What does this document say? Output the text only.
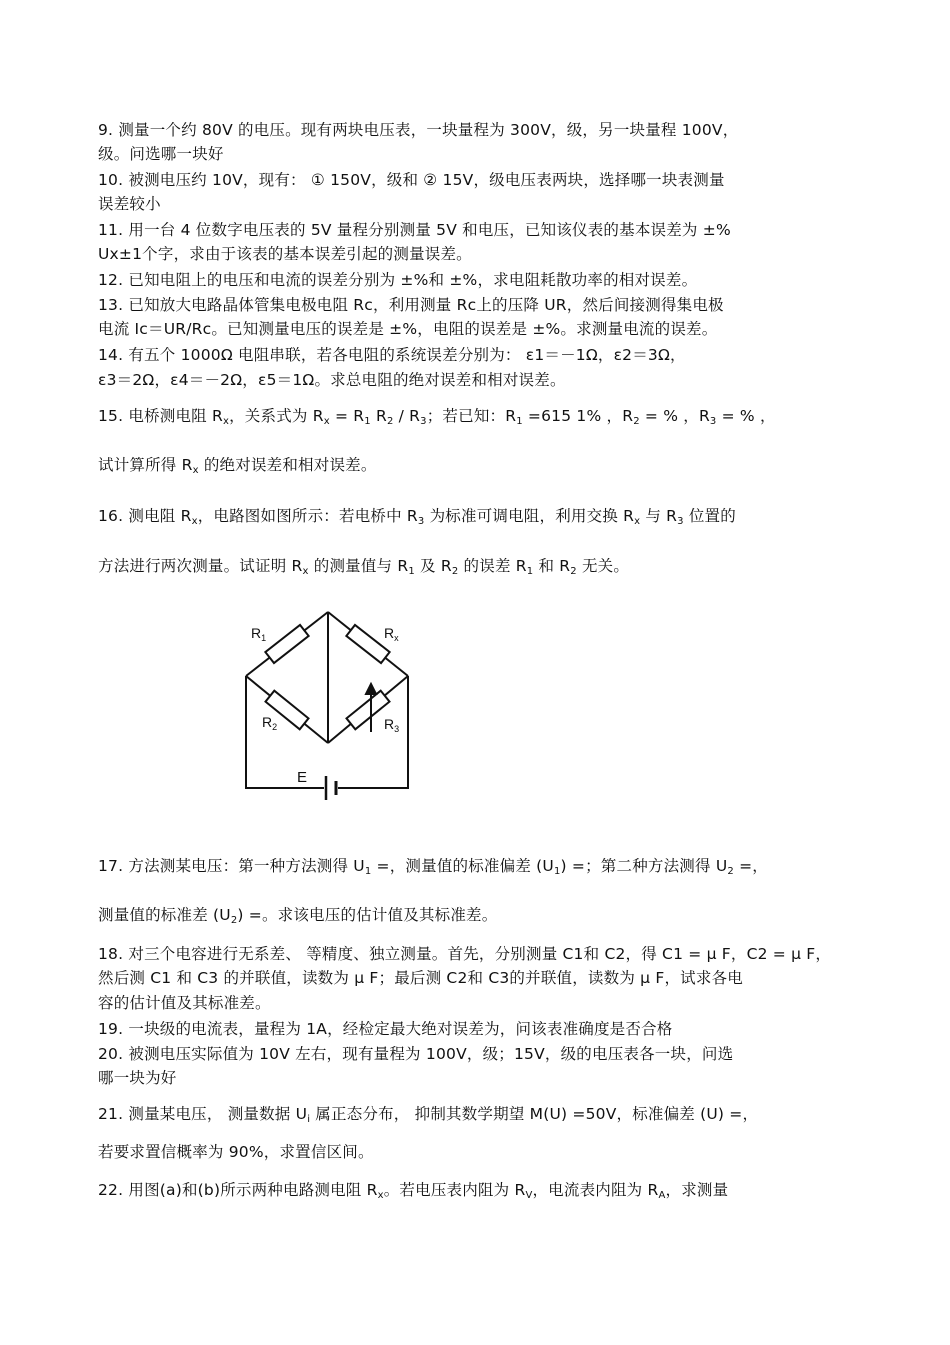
9. 测量一个约 80V 的电压。现有两块电压表，一块量程为 300V，级，另一块量程 100V，
级。问选哪一块好
10. 被测电压约 10V，现有： ① 150V，级和 ② 15V，级电压表两块，选择哪一块表测量
误差较小
11. 用一台 4 位数字电压表的 5V 量程分别测量 5V 和电压，已知该仪表的基本误差为 ±%
Ux±1个字，求由于该表的基本误差引起的测量误差。
12. 已知电阻上的电压和电流的误差分别为 ±%和 ±%，求电阻耗散功率的相对误差。
13. 已知放大电路晶体管集电极电阻 Rc，利用测量 Rc上的压降 UR，然后间接测得集电极
电流 Ic＝UR/Rc。已知测量电压的误差是 ±%，电阻的误差是 ±%。求测量电流的误差。
14. 有五个 1000Ω 电阻串联，若各电阻的系统误差分别为： ε1＝－1Ω，ε2＝3Ω，
ε3＝2Ω，ε4＝－2Ω，ε5＝1Ω。求总电阻的绝对误差和相对误差。
15. 电桥测电阻 $R_x$，关系式为 $R_x = R_1$ $R_2 / R_3$；若已知：$R_1 =615$ 1% ，$R_2$ = % ，$R_3$ = % ，
试计算所得 $R_x$ 的绝对误差和相对误差。
16. 测电阻 $R_x$，电路图如图所示：若电桥中 $R_3$ 为标准可调电阻，利用交换 $R_x$ 与 $R_3$ 位置的
方法进行两次测量。试证明 $R_x$ 的测量值与 $R_1$ 及 $R_2$ 的误差 $R_1$ 和 $R_2$ 无关。
$R_1$	$R_x$
$R_2$	$R_3$
E
17. 方法测某电压：第一种方法测得 $U_1$ =，测量值的标准偏差 $(U_1)$ =；第二种方法测得 $U_2$ =，
测量值的标准差 $(U_2)$ =。求该电压的估计值及其标准差。
18. 对三个电容进行无系差、 等精度、独立测量。首先，分别测量 C1和 C2，得 C1 = μ F，C2 = μ F，
然后测 C1 和 C3 的并联值，读数为 μ F；最后测 C2和 C3的并联值，读数为 μ F，试求各电
容的估计值及其标准差。
19. 一块级的电流表，量程为 1A，经检定最大绝对误差为，问该表准确度是否合格
20. 被测电压实际值为 10V 左右，现有量程为 100V，级；15V，级的电压表各一块，问选
哪一块为好
21. 测量某电压， 测量数据 $U_i$ 属正态分布， 抑制其数学期望 M(U) =50V，标准偏差 (U) =，
若要求置信概率为 90%，求置信区间。
22. 用图(a)和(b)所示两种电路测电阻 $R_x$。若电压表内阻为 $R_V$，电流表内阻为 $R_A$，求测量
